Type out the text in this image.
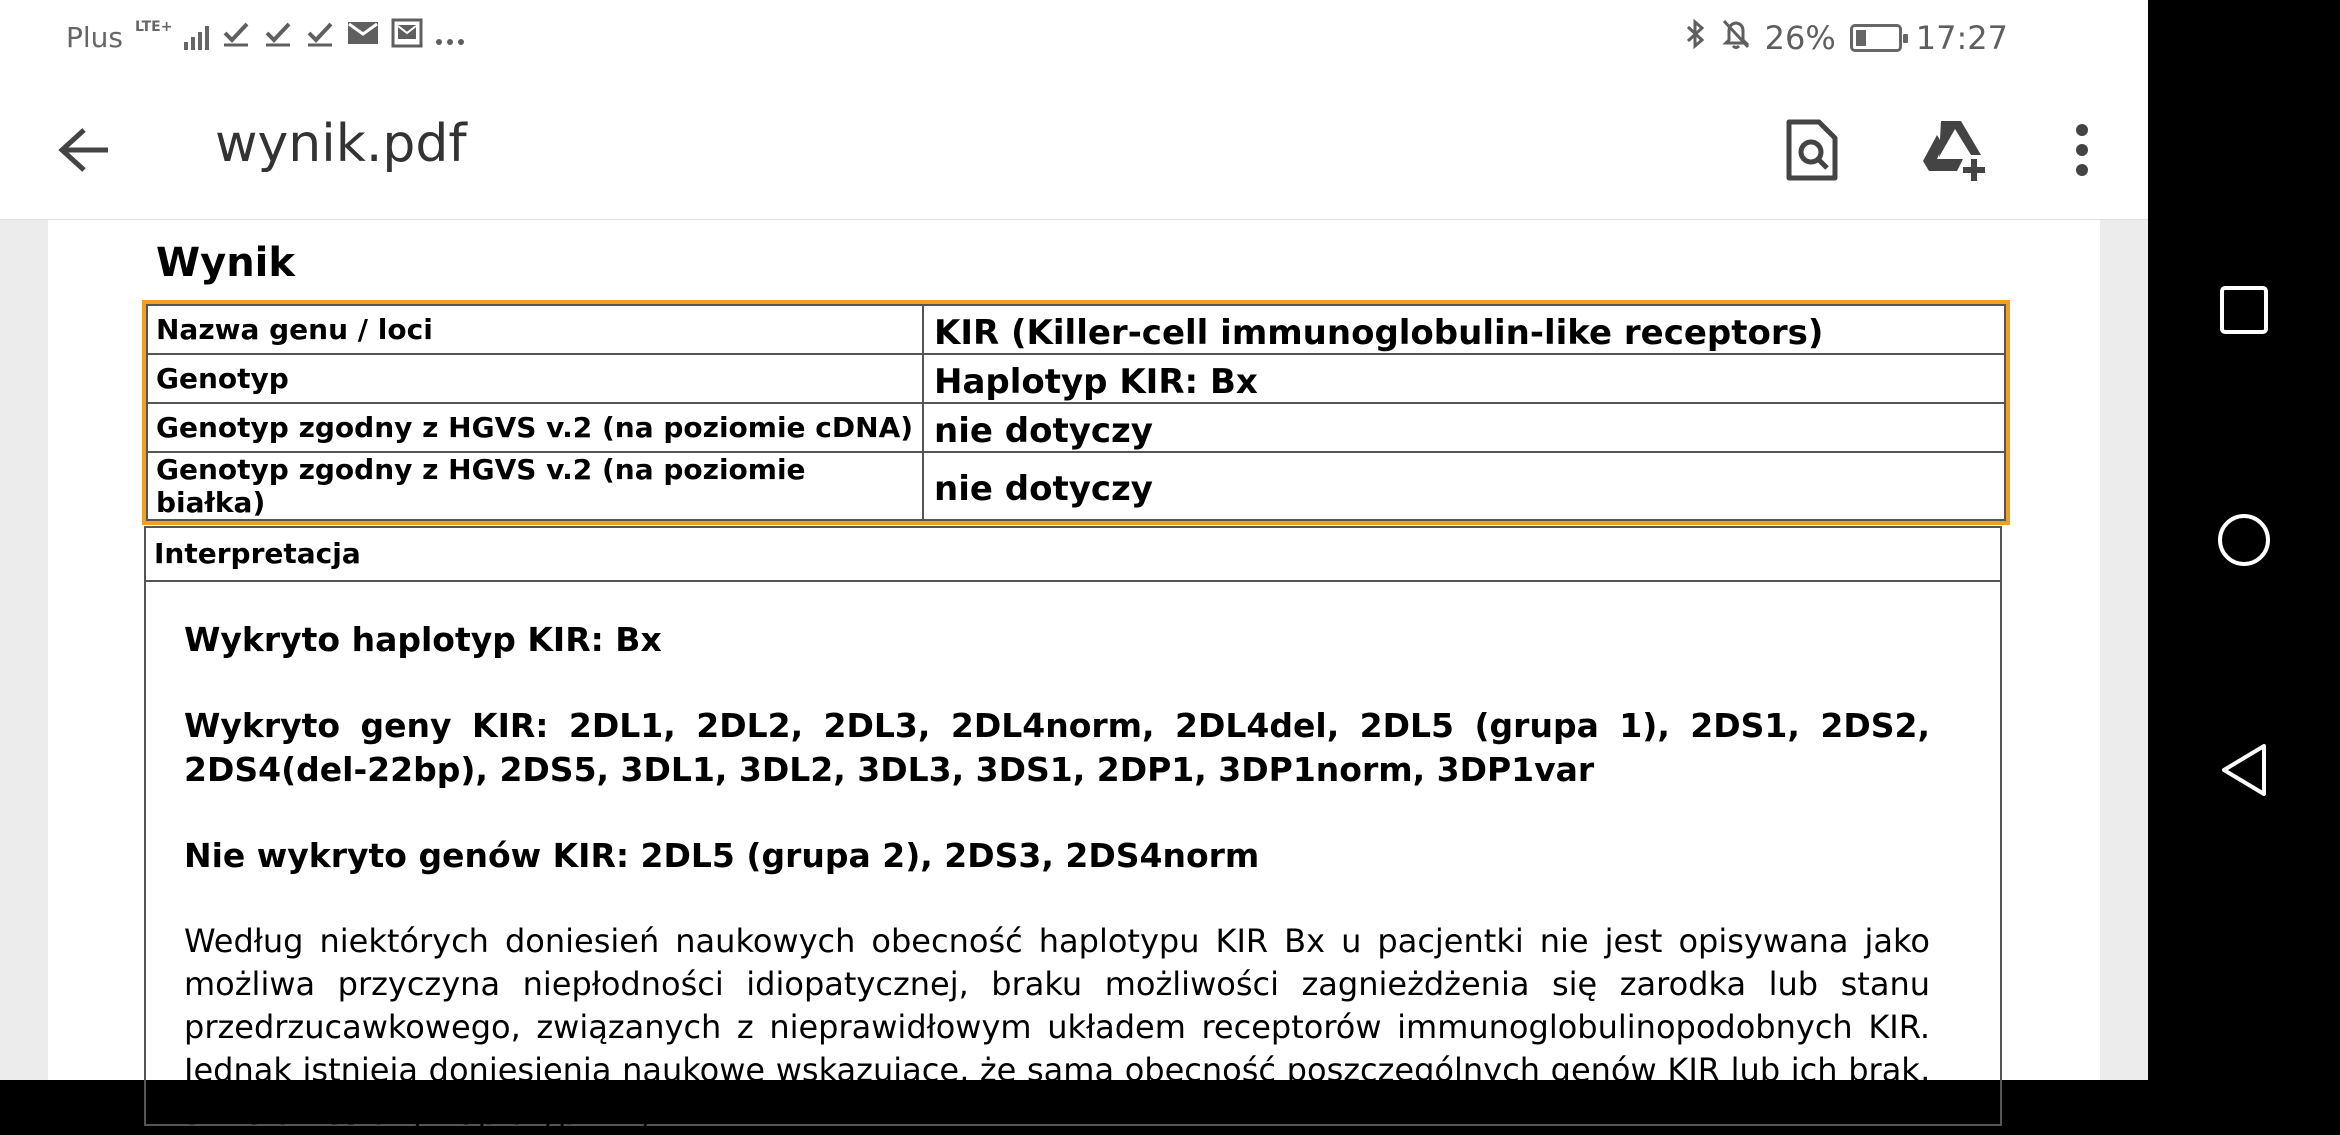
Plus LTE+	26%	17:27
wynik.pdf
Wynik
Nazwa genu / loci	KIR (Killer-cell immunoglobulin-like receptors)
Genotyp	Haplotyp KIR: Bx
Genotyp zgodny z HGVS v.2 (na poziomie cDNA)	nie dotyczy
Genotyp zgodny z HGVS v.2 (na poziomie białka)	nie dotyczy
Interpretacja

Wykryto haplotyp KIR: Bx

Wykryto geny KIR: 2DL1, 2DL2, 2DL3, 2DL4norm, 2DL4del, 2DL5 (grupa 1), 2DS1, 2DS2, 2DS4(del-22bp), 2DS5, 3DL1, 3DL2, 3DL3, 3DS1, 2DP1, 3DP1norm, 3DP1var

Nie wykryto genów KIR: 2DL5 (grupa 2), 2DS3, 2DS4norm

Według niektórych doniesień naukowych obecność haplotypu KIR Bx u pacjentki nie jest opisywana jako możliwa przyczyna niepłodności idiopatycznej, braku możliwości zagnieżdżenia się zarodka lub stanu przedrzucawkowego, związanych z nieprawidłowym układem receptorów immunoglobulinopodobnych KIR. Jednak istnieją doniesienia naukowe wskazujące, że sama obecność poszczególnych genów KIR lub ich brak, a nie określony haplotyp KIR,
